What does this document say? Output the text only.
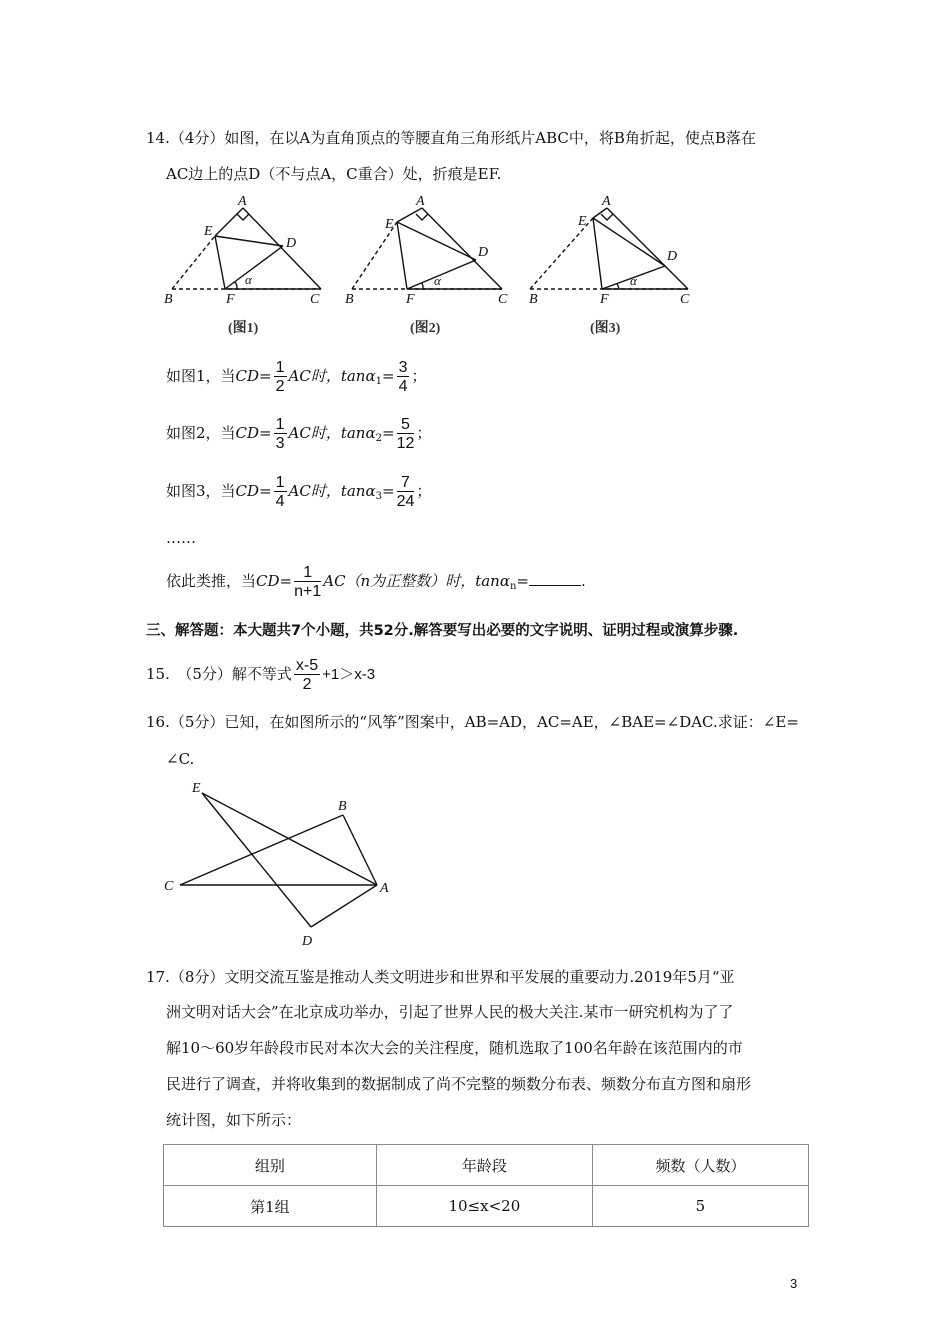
14.（4分）如图，在以A为直角顶点的等腰直角三角形纸片ABC中，将B角折起，使点B落在
AC边上的点D（不与点A，C重合）处，折痕是EF.
A
B	C
D
E
F
α
(图1)
A
B	C
D
E
F
α
(图2)
A
B	C
D
E
F
α
(图3)
如图1，当$CD= \frac{1}{2}$ AC时，$\tan\alpha_1= \frac{3}{4}$ ；
如图2，当$CD= \frac{1}{3}$ AC时，$\tan\alpha_2= \frac{5}{12}$ ；
如图3，当$CD= \frac{1}{4}$ AC时，$\tan\alpha_3= \frac{7}{24}$ ；
……
依此类推，当$CD= \frac{1}{n+1} AC(n$为正整数）时，tanα$_n$=	.
三、解答题：本大题共7个小题，共52分.解答要写出必要的文字说明、证明过程或演算步骤.
15.　（5分）解不等式 $\frac{x-5}{2} +1>x-3$
16.（5分）已知，在如图所示的“风筝”图案中，AB=AD，AC=AE，∠BAE=∠DAC.求证：∠E=
∠C.
E
B
C	A
D
17.（8分）文明交流互鉴是推动人类文明进步和世界和平发展的重要动力.2019年5月“亚
洲文明对话大会”在北京成功举办，引起了世界人民的极大关注.某市一研究机构为了了
解10～60岁年龄段市民对本次大会的关注程度，随机选取了100名年龄在该范围内的市
民进行了调查，并将收集到的数据制成了尚不完整的频数分布表、频数分布直方图和扇形
统计图，如下所示：
组别	年龄段	频数（人数）
第1组	10≤x<20	5
3
